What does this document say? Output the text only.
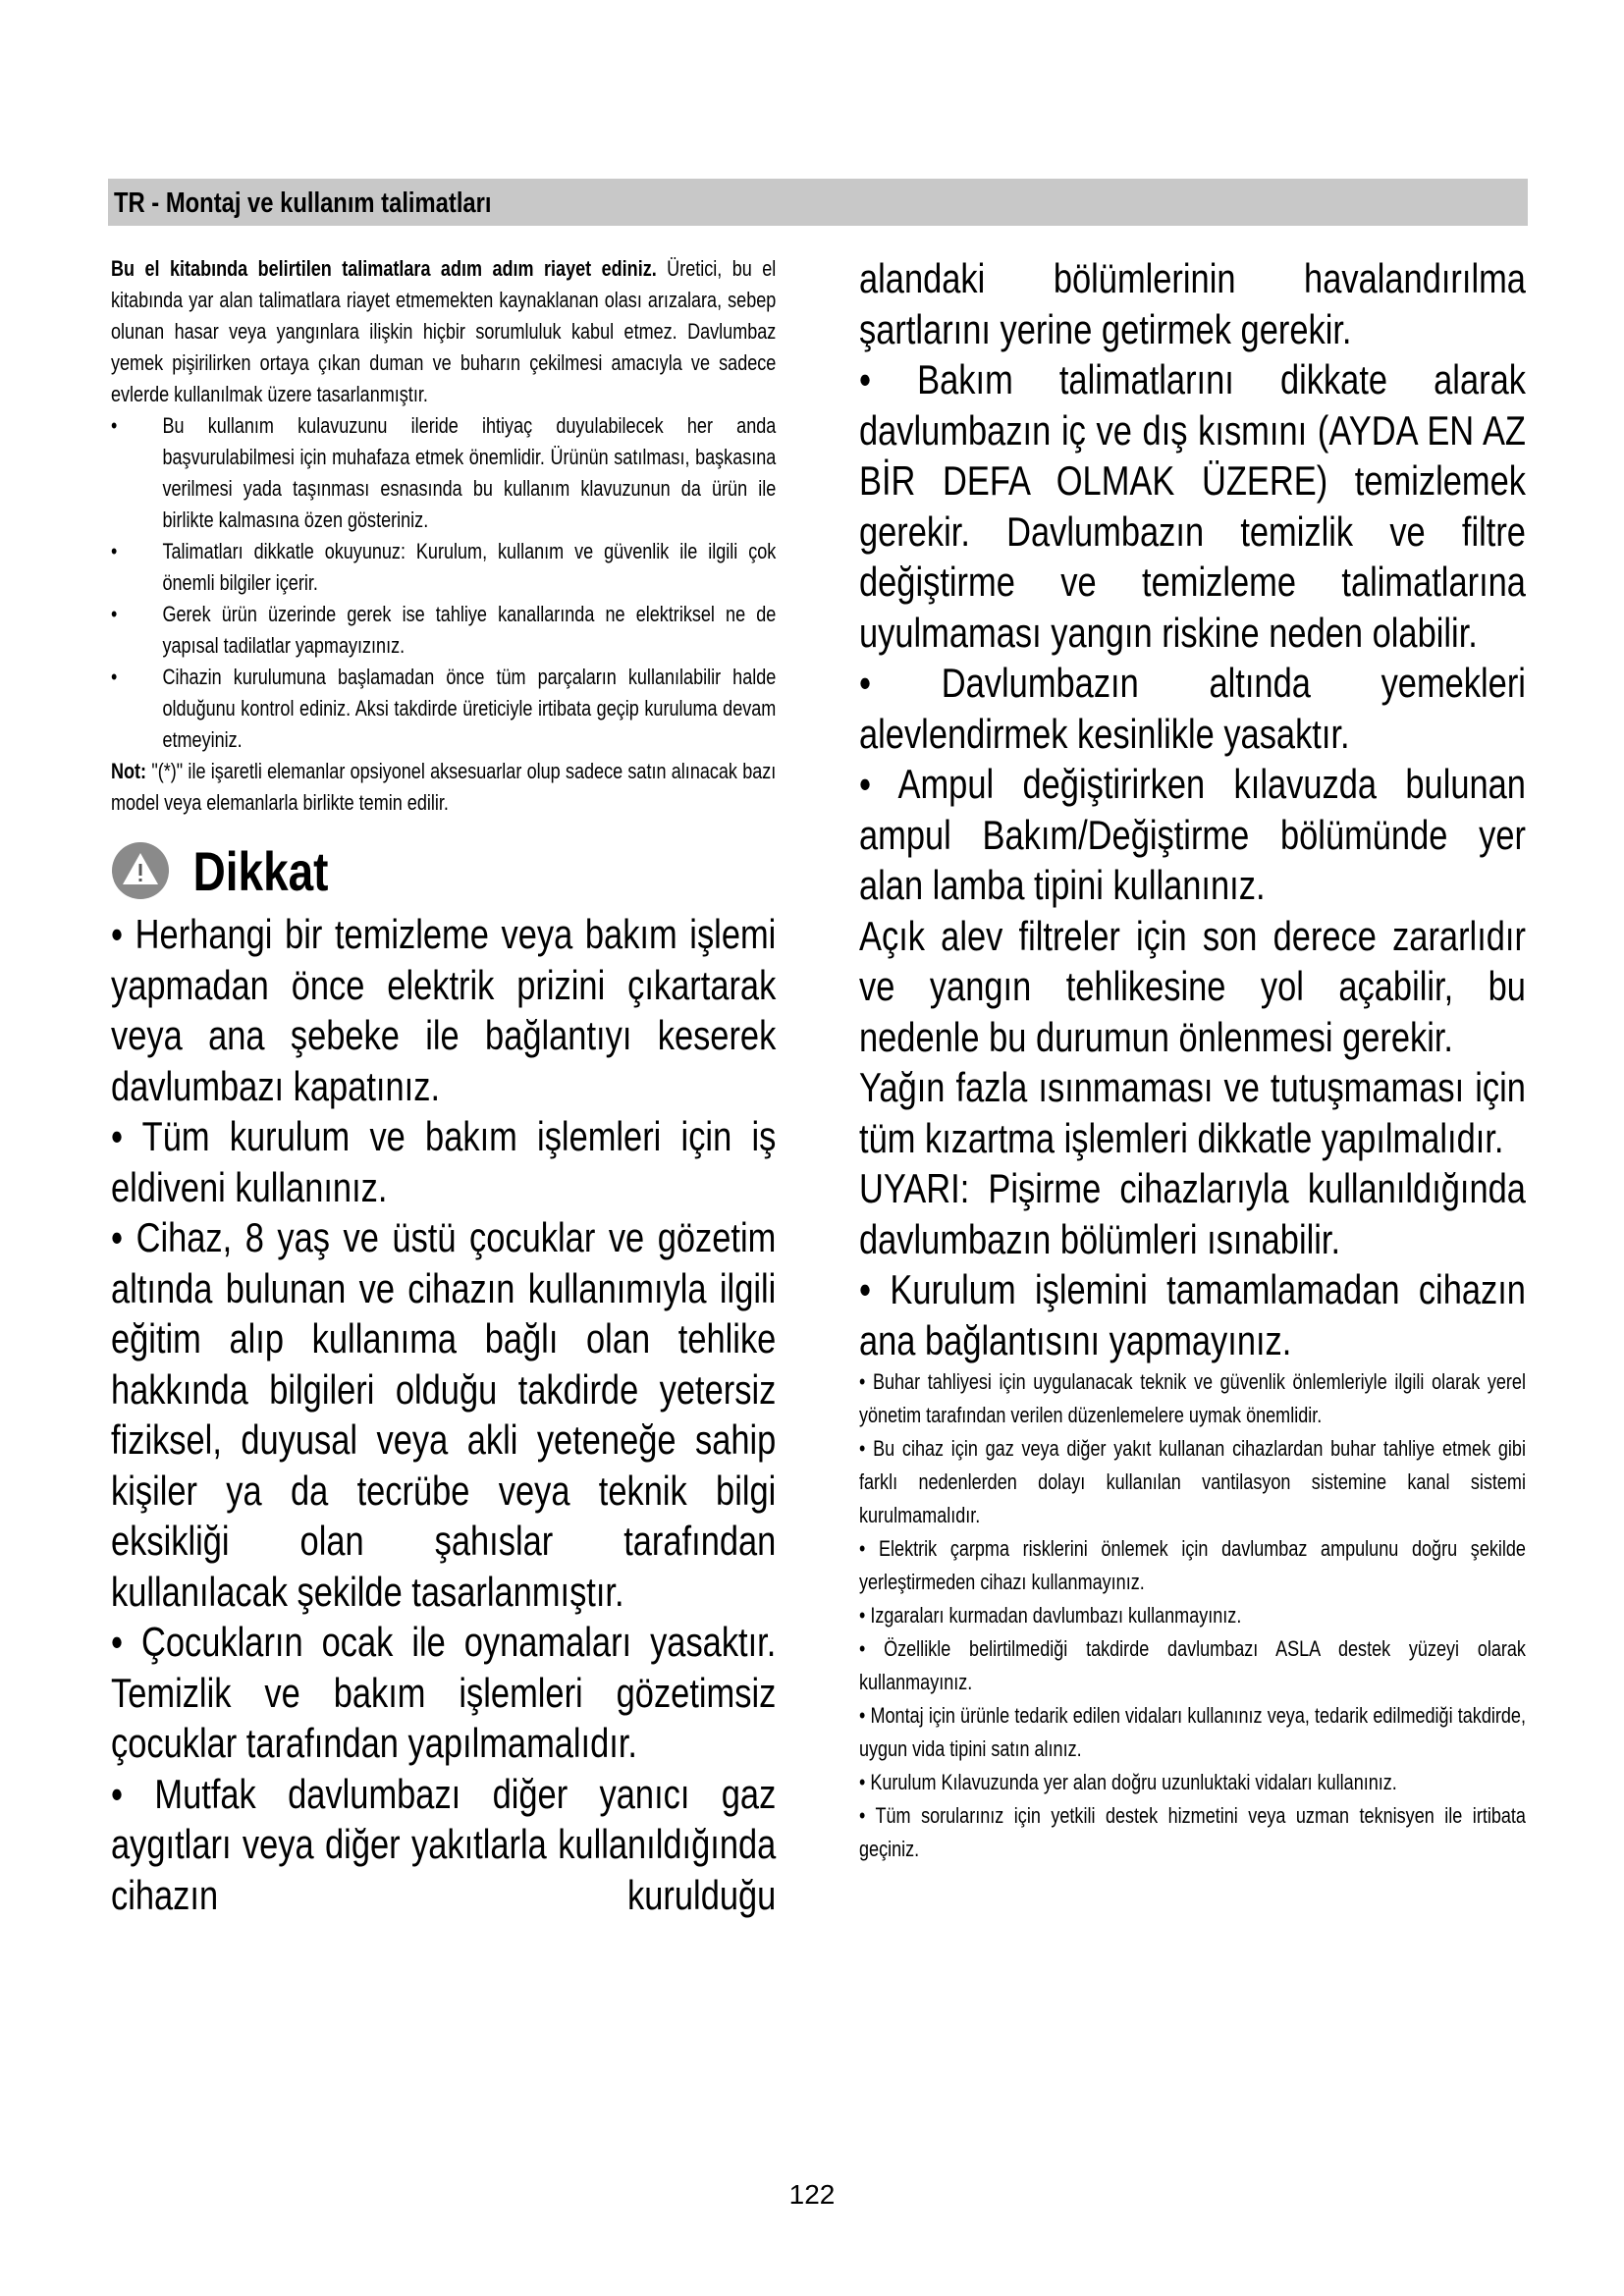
TR - Montaj ve kullanım talimatları

Bu el kitabında belirtilen talimatlara adım adım riayet ediniz. Üretici, bu el kitabında yar alan talimatlara riayet etmemekten kaynaklanan olası arızalara, sebep olunan hasar veya yangınlara ilişkin hiçbir sorumluluk kabul etmez. Davlumbaz yemek pişirilirken ortaya çıkan duman ve buharın çekilmesi amacıyla ve sadece evlerde kullanılmak üzere tasarlanmıştır.

• Bu kullanım kulavuzunu ileride ihtiyaç duyulabilecek her anda başvurulabilmesi için muhafaza etmek önemlidir. Ürünün satılması, başkasına verilmesi yada taşınması esnasında bu kullanım klavuzunun da ürün ile birlikte kalmasına özen gösteriniz.

• Talimatları dikkatle okuyunuz: Kurulum, kullanım ve güvenlik ile ilgili çok önemli bilgiler içerir.

• Gerek ürün üzerinde gerek ise tahliye kanallarında ne elektriksel ne de yapısal tadilatlar yapmayızınız.

• Cihazin kurulumuna başlamadan önce tüm parçaların kullanılabilir halde olduğunu kontrol ediniz. Aksi takdirde üreticiyle irtibata geçip kuruluma devam etmeyiniz.

Not: "(*)" ile işaretli elemanlar opsiyonel aksesuarlar olup sadece satın alınacak bazı model veya elemanlarla birlikte temin edilir.

Dikkat

• Herhangi bir temizleme veya bakım işlemi yapmadan önce elektrik prizini çıkartarak veya ana şebeke ile bağlantıyı keserek davlumbazı kapatınız.

• Tüm kurulum ve bakım işlemleri için iş eldiveni kullanınız.

• Cihaz, 8 yaş ve üstü çocuklar ve gözetim altında bulunan ve cihazın kullanımıyla ilgili eğitim alıp kullanıma bağlı olan tehlike hakkında bilgileri olduğu takdirde yetersiz fiziksel, duyusal veya akli yeteneğe sahip kişiler ya da tecrübe veya teknik bilgi eksikliği olan şahıslar tarafından kullanılacak şekilde tasarlanmıştır.

• Çocukların ocak ile oynamaları yasaktır. Temizlik ve bakım işlemleri gözetimsiz çocuklar tarafından yapılmamalıdır.

• Mutfak davlumbazı diğer yanıcı gaz aygıtları veya diğer yakıtlarla kullanıldığında cihazın kurulduğu

alandaki bölümlerinin havalandırılma şartlarını yerine getirmek gerekir.

• Bakım talimatlarını dikkate alarak davlumbazın iç ve dış kısmını (AYDA EN AZ BİR DEFA OLMAK ÜZERE) temizlemek gerekir. Davlumbazın temizlik ve filtre değiştirme ve temizleme talimatlarına uyulmaması yangın riskine neden olabilir.

• Davlumbazın altında yemekleri alevlendirmek kesinlikle yasaktır.

• Ampul değiştirirken kılavuzda bulunan ampul Bakım/Değiştirme bölümünde yer alan lamba tipini kullanınız.

Açık alev filtreler için son derece zararlıdır ve yangın tehlikesine yol açabilir, bu nedenle bu durumun önlenmesi gerekir.

Yağın fazla ısınmaması ve tutuşmaması için tüm kızartma işlemleri dikkatle yapılmalıdır.

UYARI: Pişirme cihazlarıyla kullanıldığında davlumbazın bölümleri ısınabilir.

• Kurulum işlemini tamamlamadan cihazın ana bağlantısını yapmayınız.

• Buhar tahliyesi için uygulanacak teknik ve güvenlik önlemleriyle ilgili olarak yerel yönetim tarafından verilen düzenlemelere uymak önemlidir.

• Bu cihaz için gaz veya diğer yakıt kullanan cihazlardan buhar tahliye etmek gibi farklı nedenlerden dolayı kullanılan vantilasyon sistemine kanal sistemi kurulmamalıdır.

• Elektrik çarpma risklerini önlemek için davlumbaz ampulunu doğru şekilde yerleştirmeden cihazı kullanmayınız.

• Izgaraları kurmadan davlumbazı kullanmayınız.

• Özellikle belirtilmediği takdirde davlumbazı ASLA destek yüzeyi olarak kullanmayınız.

• Montaj için ürünle tedarik edilen vidaları kullanınız veya, tedarik edilmediği takdirde, uygun vida tipini satın alınız.

• Kurulum Kılavuzunda yer alan doğru uzunluktaki vidaları kullanınız.

• Tüm sorularınız için yetkili destek hizmetini veya uzman teknisyen ile irtibata geçiniz.

122
